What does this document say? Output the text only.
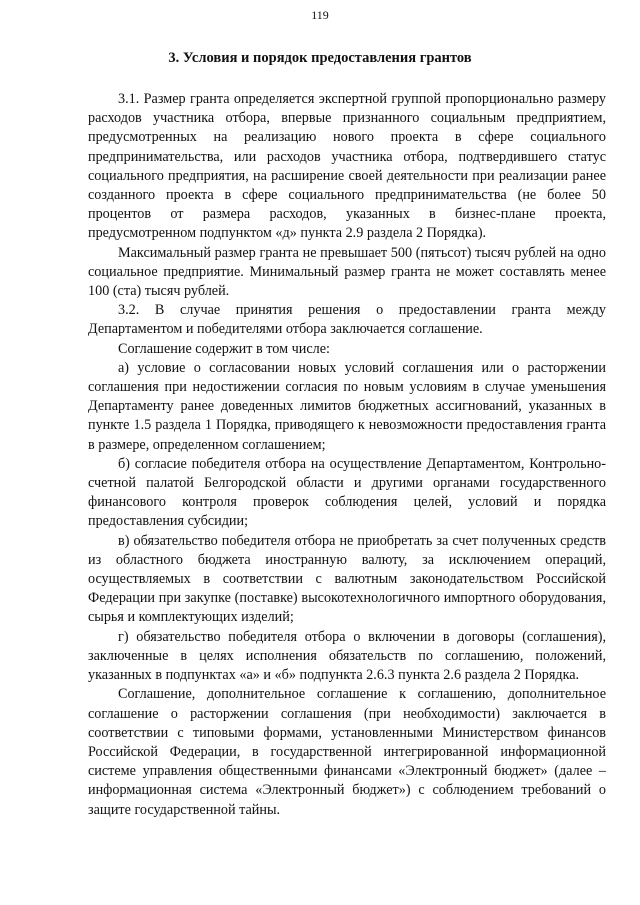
119
3. Условия и порядок предоставления грантов

3.1. Размер гранта определяется экспертной группой пропорционально размеру расходов участника отбора, впервые признанного социальным предприятием, предусмотренных на реализацию нового проекта в сфере социального предпринимательства, или расходов участника отбора, подтвердившего статус социального предприятия, на расширение своей деятельности при реализации ранее созданного проекта в сфере социального предпринимательства (не более 50 процентов от размера расходов, указанных в бизнес-плане проекта, предусмотренном подпунктом «д» пункта 2.9 раздела 2 Порядка).

Максимальный размер гранта не превышает 500 (пятьсот) тысяч рублей на одно социальное предприятие. Минимальный размер гранта не может составлять менее 100 (ста) тысяч рублей.

3.2. В случае принятия решения о предоставлении гранта между Департаментом и победителями отбора заключается соглашение.

Соглашение содержит в том числе:

а) условие о согласовании новых условий соглашения или о расторжении соглашения при недостижении согласия по новым условиям в случае уменьшения Департаменту ранее доведенных лимитов бюджетных ассигнований, указанных в пункте 1.5 раздела 1 Порядка, приводящего к невозможности предоставления гранта в размере, определенном соглашением;

б) согласие победителя отбора на осуществление Департаментом, Контрольно-счетной палатой Белгородской области и другими органами государственного финансового контроля проверок соблюдения целей, условий и порядка предоставления субсидии;

в) обязательство победителя отбора не приобретать за счет полученных средств из областного бюджета иностранную валюту, за исключением операций, осуществляемых в соответствии с валютным законодательством Российской Федерации при закупке (поставке) высокотехнологичного импортного оборудования, сырья и комплектующих изделий;

г) обязательство победителя отбора о включении в договоры (соглашения), заключенные в целях исполнения обязательств по соглашению, положений, указанных в подпунктах «а» и «б» подпункта 2.6.3 пункта 2.6 раздела 2 Порядка.

Соглашение, дополнительное соглашение к соглашению, дополнительное соглашение о расторжении соглашения (при необходимости) заключается в соответствии с типовыми формами, установленными Министерством финансов Российской Федерации, в государственной интегрированной информационной системе управления общественными финансами «Электронный бюджет» (далее – информационная система «Электронный бюджет») с соблюдением требований о защите государственной тайны.
